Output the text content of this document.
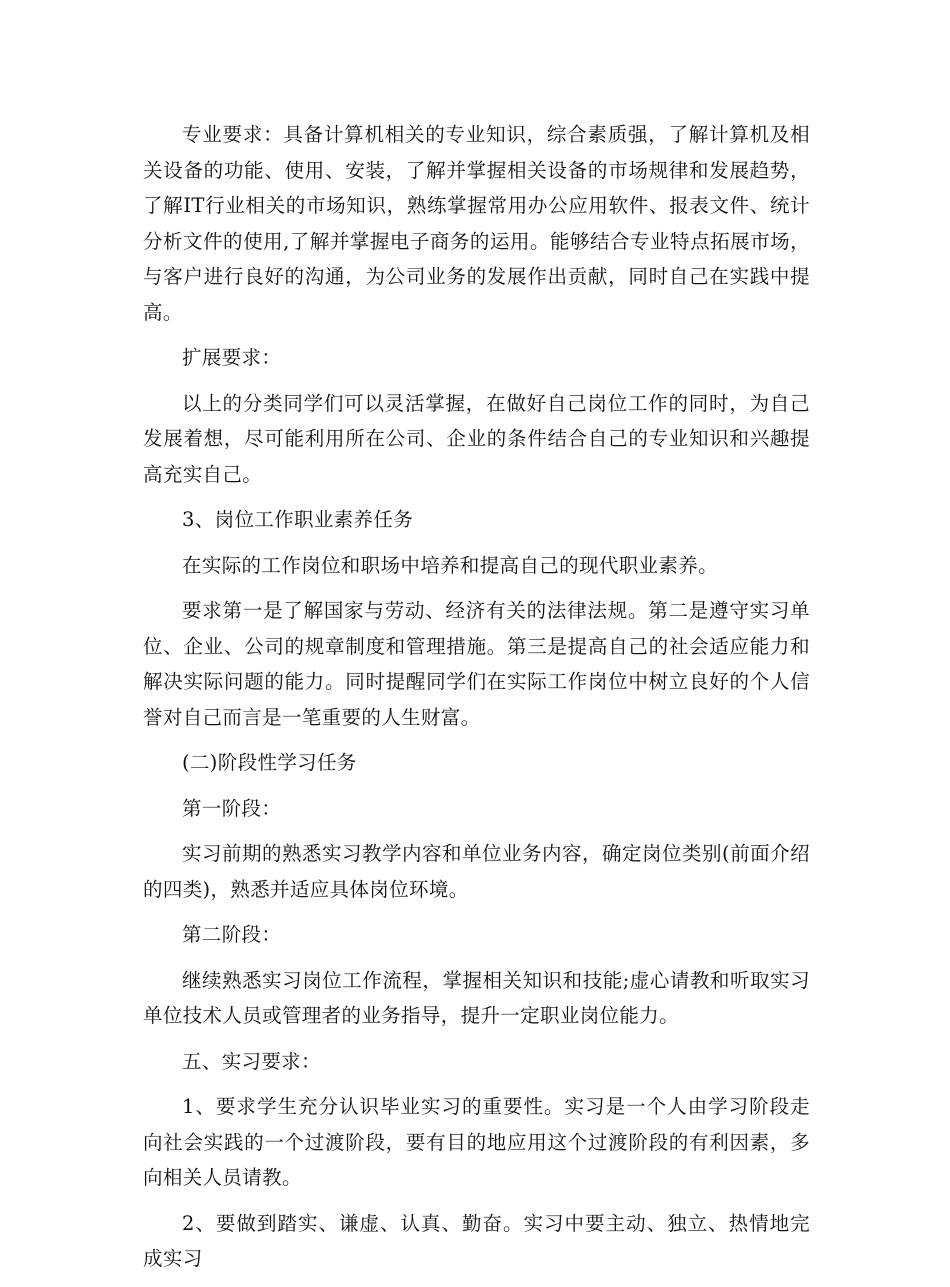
专业要求：具备计算机相关的专业知识，综合素质强，了解计算机及相关设备的功能、使用、安装，了解并掌握相关设备的市场规律和发展趋势，了解IT行业相关的市场知识，熟练掌握常用办公应用软件、报表文件、统计分析文件的使用,了解并掌握电子商务的运用。能够结合专业特点拓展市场，与客户进行良好的沟通，为公司业务的发展作出贡献，同时自己在实践中提高。

扩展要求：

以上的分类同学们可以灵活掌握，在做好自己岗位工作的同时，为自己发展着想，尽可能利用所在公司、企业的条件结合自己的专业知识和兴趣提高充实自己。

3、岗位工作职业素养任务

在实际的工作岗位和职场中培养和提高自己的现代职业素养。

要求第一是了解国家与劳动、经济有关的法律法规。第二是遵守实习单位、企业、公司的规章制度和管理措施。第三是提高自己的社会适应能力和解决实际问题的能力。同时提醒同学们在实际工作岗位中树立良好的个人信誉对自己而言是一笔重要的人生财富。

(二)阶段性学习任务

第一阶段：

实习前期的熟悉实习教学内容和单位业务内容，确定岗位类别(前面介绍的四类)，熟悉并适应具体岗位环境。

第二阶段：

继续熟悉实习岗位工作流程，掌握相关知识和技能;虚心请教和听取实习单位技术人员或管理者的业务指导，提升一定职业岗位能力。

五、实习要求：

1、要求学生充分认识毕业实习的重要性。实习是一个人由学习阶段走向社会实践的一个过渡阶段，要有目的地应用这个过渡阶段的有利因素，多向相关人员请教。

2、要做到踏实、谦虚、认真、勤奋。实习中要主动、独立、热情地完成实习
